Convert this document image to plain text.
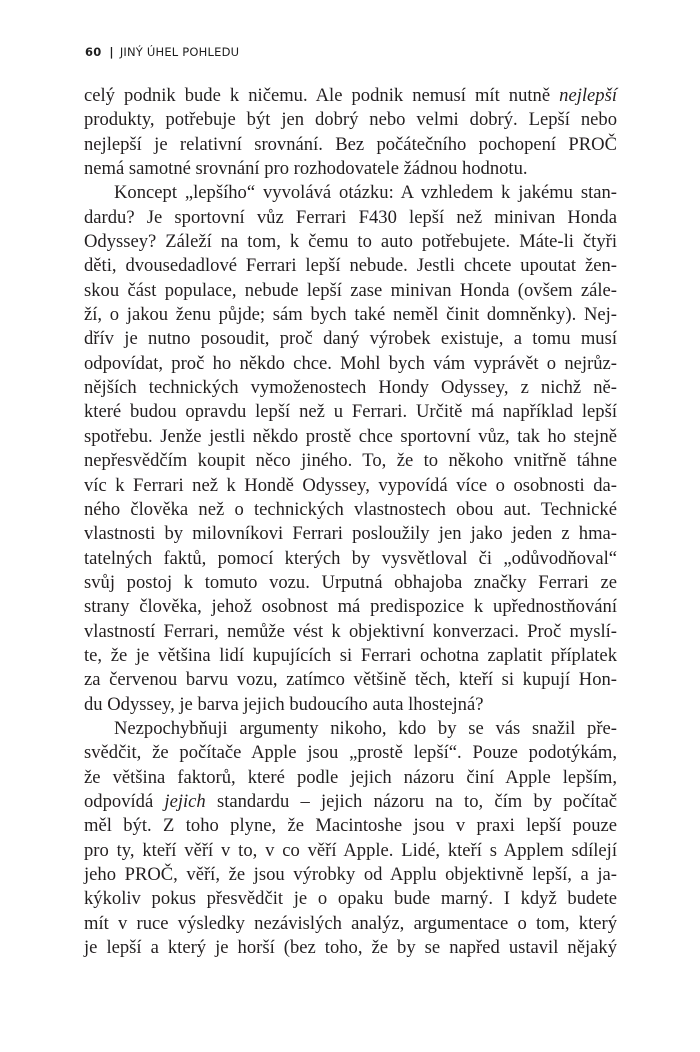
60 | JINÝ ÚHEL POHLEDU
celý podnik bude k ničemu. Ale podnik nemusí mít nutně nejlepší
produkty, potřebuje být jen dobrý nebo velmi dobrý. Lepší nebo
nejlepší je relativní srovnání. Bez počátečního pochopení PROČ
nemá samotné srovnání pro rozhodovatele žádnou hodnotu.
Koncept „lepšího“ vyvolává otázku: A vzhledem k jakému stan-
dardu? Je sportovní vůz Ferrari F430 lepší než minivan Honda
Odyssey? Záleží na tom, k čemu to auto potřebujete. Máte-li čtyři
děti, dvousedadlové Ferrari lepší nebude. Jestli chcete upoutat žen-
skou část populace, nebude lepší zase minivan Honda (ovšem zále-
ží, o jakou ženu půjde; sám bych také neměl činit domněnky). Nej-
dřív je nutno posoudit, proč daný výrobek existuje, a tomu musí
odpovídat, proč ho někdo chce. Mohl bych vám vyprávět o nejrůz-
nějších technických vymoženostech Hondy Odyssey, z nichž ně-
které budou opravdu lepší než u Ferrari. Určitě má například lepší
spotřebu. Jenže jestli někdo prostě chce sportovní vůz, tak ho stejně
nepřesvědčím koupit něco jiného. To, že to někoho vnitřně táhne
víc k Ferrari než k Hondě Odyssey, vypovídá více o osobnosti da-
ného člověka než o technických vlastnostech obou aut. Technické
vlastnosti by milovníkovi Ferrari posloužily jen jako jeden z hma-
tatelných faktů, pomocí kterých by vysvětloval či „odůvodňoval“
svůj postoj k tomuto vozu. Urputná obhajoba značky Ferrari ze
strany člověka, jehož osobnost má predispozice k upřednostňování
vlastností Ferrari, nemůže vést k objektivní konverzaci. Proč myslí-
te, že je většina lidí kupujících si Ferrari ochotna zaplatit příplatek
za červenou barvu vozu, zatímco většině těch, kteří si kupují Hon-
du Odyssey, je barva jejich budoucího auta lhostejná?
Nezpochybňuji argumenty nikoho, kdo by se vás snažil pře-
svědčit, že počítače Apple jsou „prostě lepší“. Pouze podotýkám,
že většina faktorů, které podle jejich názoru činí Apple lepším,
odpovídá jejich standardu – jejich názoru na to, čím by počítač
měl být. Z toho plyne, že Macintoshe jsou v praxi lepší pouze
pro ty, kteří věří v to, v co věří Apple. Lidé, kteří s Applem sdílejí
jeho PROČ, věří, že jsou výrobky od Applu objektivně lepší, a ja-
kýkoliv pokus přesvědčit je o opaku bude marný. I když budete
mít v ruce výsledky nezávislých analýz, argumentace o tom, který
je lepší a který je horší (bez toho, že by se napřed ustavil nějaký
